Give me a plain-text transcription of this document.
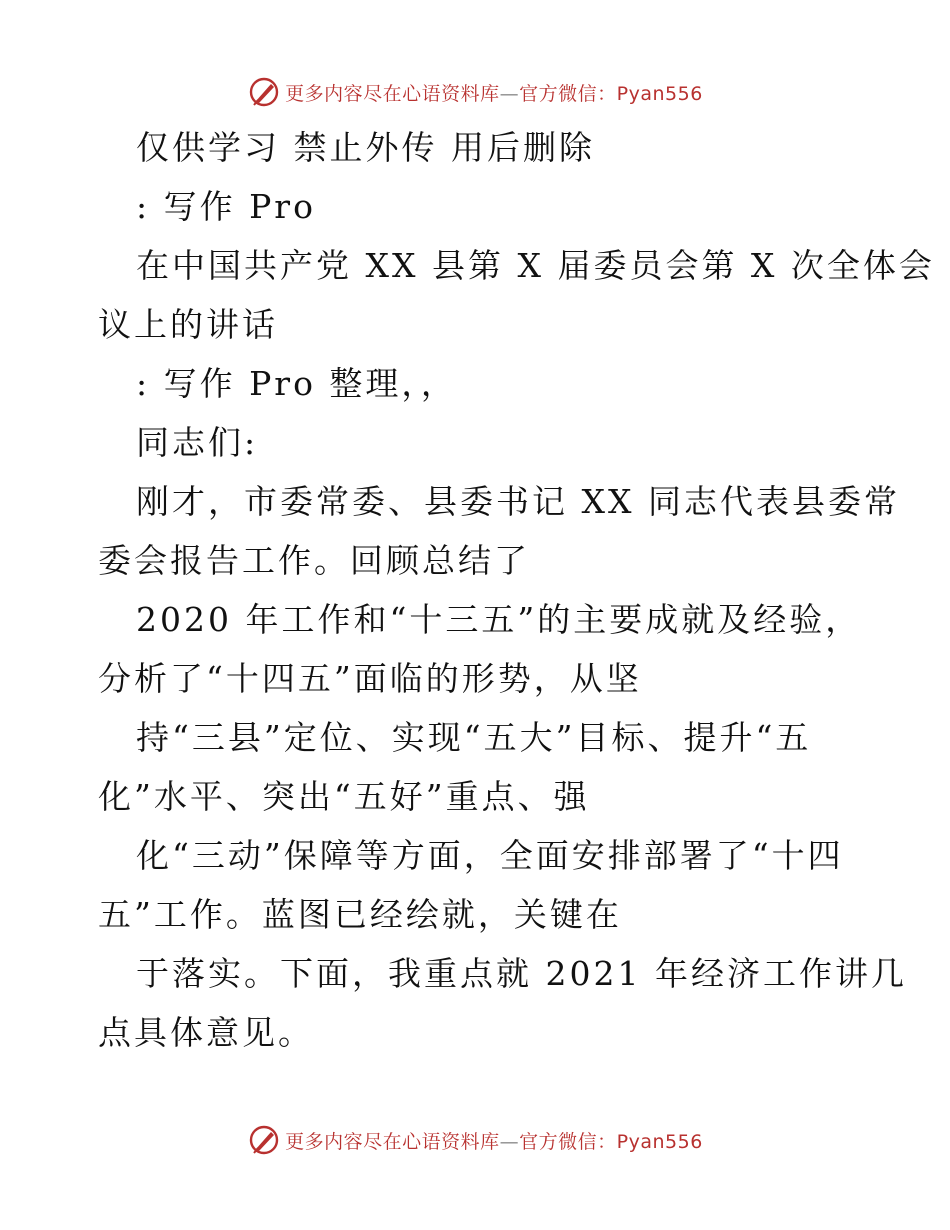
更多内容尽在心语资料库—官方微信：Pyan556
仅供学习 禁止外传 用后删除
: 写作 Pro
在中国共产党 XX 县第 X 届委员会第 X 次全体会
议上的讲话
: 写作 Pro 整理，，
同志们:
刚才，市委常委、县委书记 XX 同志代表县委常
委会报告工作。回顾总结了
2020 年工作和“十三五”的主要成就及经验，
分析了“十四五”面临的形势，从坚
持“三县”定位、实现“五大”目标、提升“五
化”水平、突出“五好”重点、强
化“三动”保障等方面，全面安排部署了“十四
五”工作。蓝图已经绘就，关键在
于落实。下面，我重点就 2021 年经济工作讲几
点具体意见。
更多内容尽在心语资料库—官方微信：Pyan556
